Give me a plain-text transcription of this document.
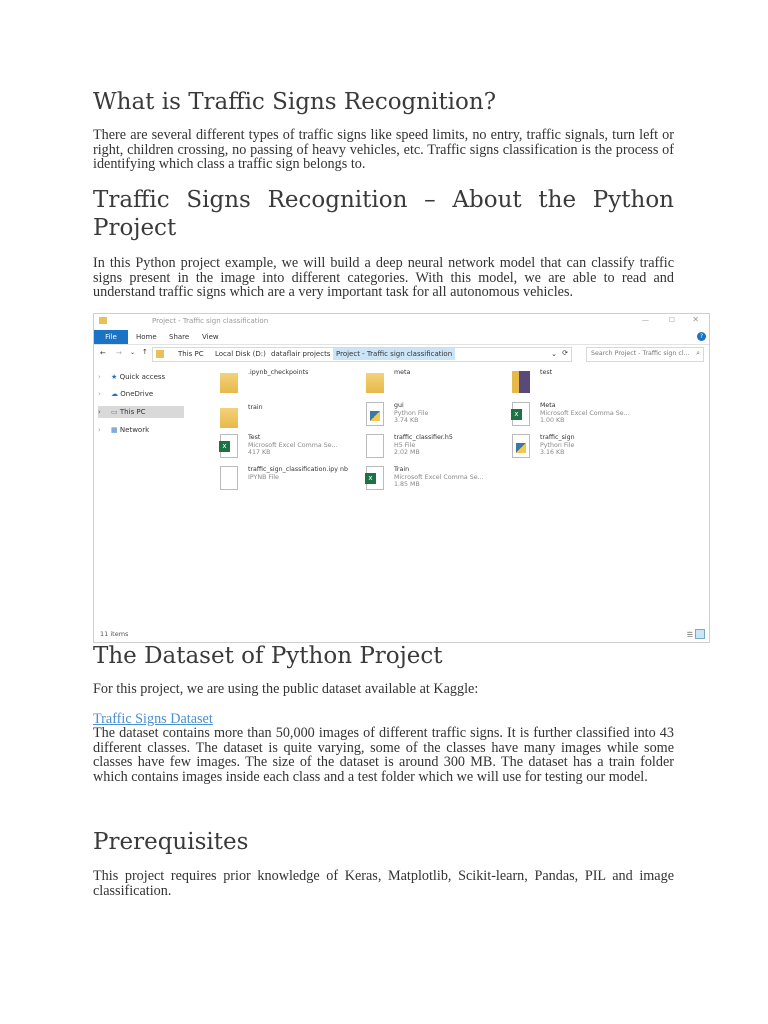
What is Traffic Signs Recognition?

There are several different types of traffic signs like speed limits, no entry, traffic signals, turn left or right, children crossing, no passing of heavy vehicles, etc. Traffic signs classification is the process of identifying which class a traffic sign belongs to.

Traffic Signs Recognition – About the Python Project

In this Python project example, we will build a deep neural network model that can classify traffic signs present in the image into different categories. With this model, we are able to read and understand traffic signs which are a very important task for all autonomous vehicles.

Project - Traffic sign classification	—	☐ ✕
File	Home Share View	?
← → ⌄ ↑	This PC Local Disk (D:) dataflair projects Project - Traffic sign classification	⌄ ⟳	Search Project - Traffic sign cl... ⌕
› ★ Quick access
› ☁ OneDrive
› ▭ This PC
› ▦ Network
.ipynb_checkpoints	meta	test
train	gui
Python File
3.74 KB
x
Meta
Microsoft Excel Comma Se...
1.00 KB
x
Test
Microsoft Excel Comma Se...
417 KB
traffic_classifier.h5
H5 File
2.02 MB
traffic_sign
Python File
3.16 KB
traffic_sign_classification.ipy nb
IPYNB File	x
Train
Microsoft Excel Comma Se...
1.85 MB
11 items	☰
The Dataset of Python Project

For this project, we are using the public dataset available at Kaggle:

Traffic Signs Dataset

The dataset contains more than 50,000 images of different traffic signs. It is further classified into 43 different classes. The dataset is quite varying, some of the classes have many images while some classes have few images. The size of the dataset is around 300 MB. The dataset has a train folder which contains images inside each class and a test folder which we will use for testing our model.

Prerequisites

This project requires prior knowledge of Keras, Matplotlib, Scikit-learn, Pandas, PIL and image classification.
